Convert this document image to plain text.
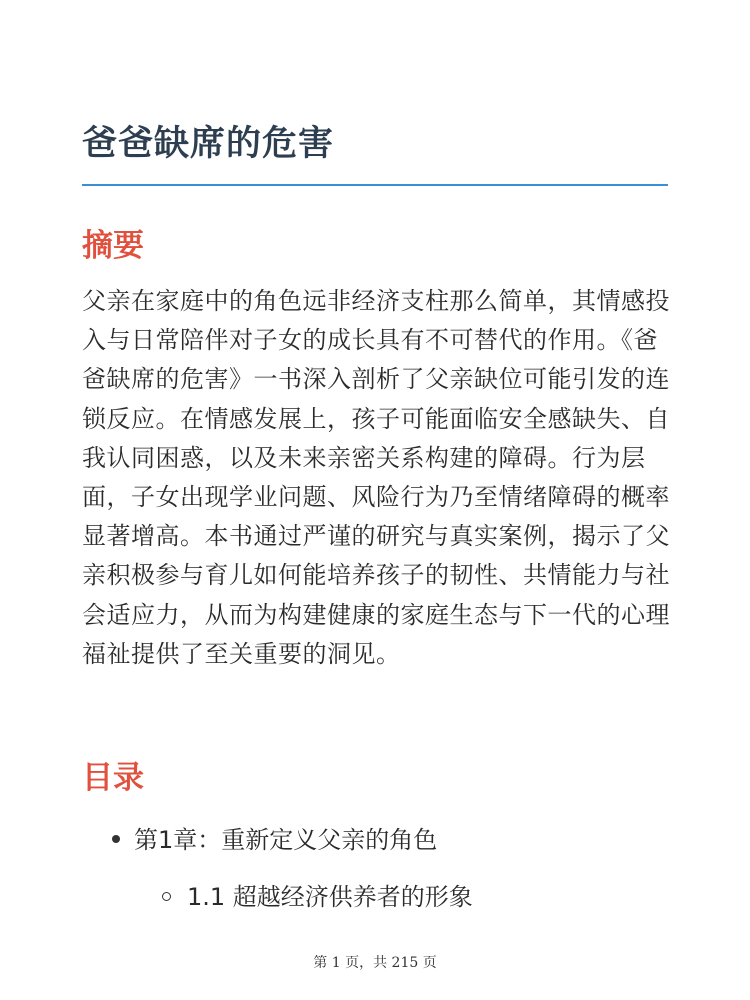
爸爸缺席的危害
摘要

父亲在家庭中的角色远非经济支柱那么简单，其情感投入与日常陪伴对子女的成长具有不可替代的作用。《爸爸缺席的危害》一书深入剖析了父亲缺位可能引发的连锁反应。在情感发展上，孩子可能面临安全感缺失、自我认同困惑，以及未来亲密关系构建的障碍。行为层面，子女出现学业问题、风险行为乃至情绪障碍的概率显著增高。本书通过严谨的研究与真实案例，揭示了父亲积极参与育儿如何能培养孩子的韧性、共情能力与社会适应力，从而为构建健康的家庭生态与下一代的心理福祉提供了至关重要的洞见。

目录
第1章：重新定义父亲的角色
1.1 超越经济供养者的形象
第 1 页，共 215 页
